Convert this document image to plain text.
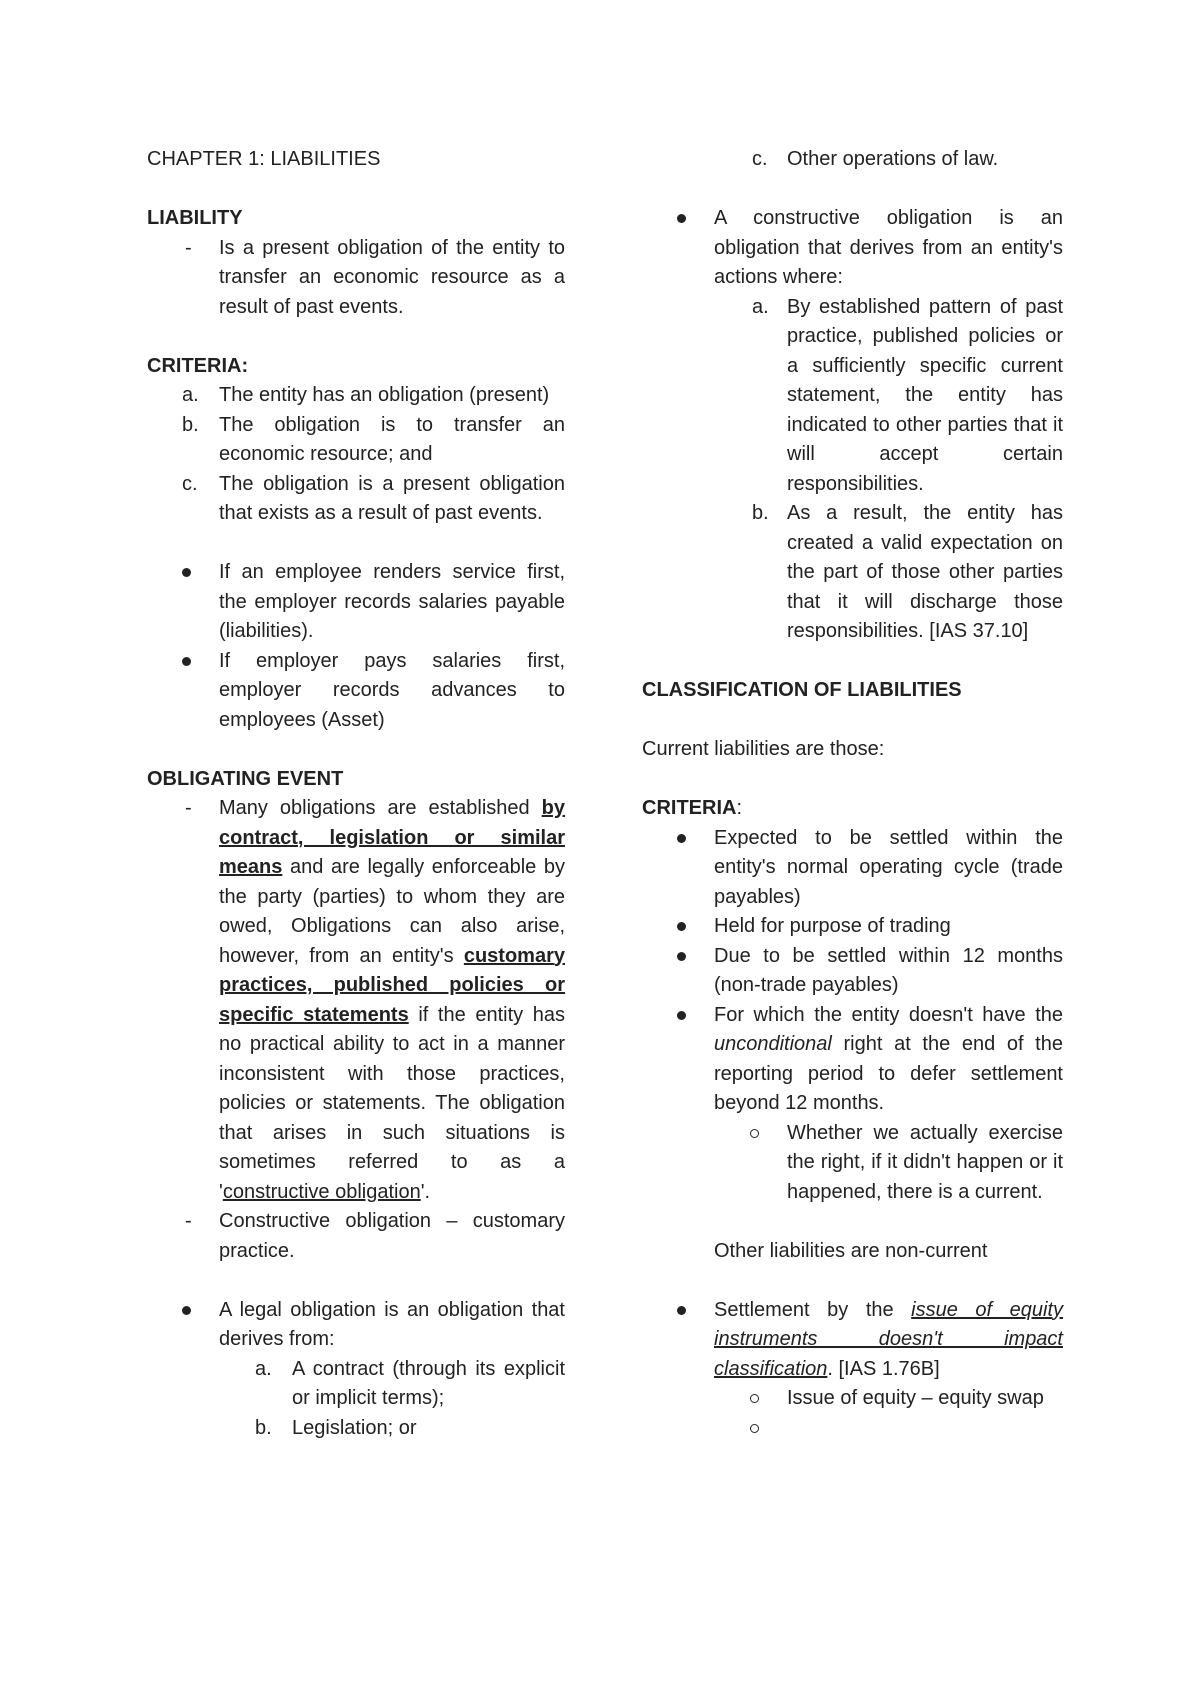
CHAPTER 1: LIABILITIES

LIABILITY

- Is a present obligation of the entity to transfer an economic resource as a result of past events.

CRITERIA:

a. The entity has an obligation (present)
b. The obligation is to transfer an economic resource; and
c. The obligation is a present obligation that exists as a result of past events.
If an employee renders service first, the employer records salaries payable (liabilities).
If employer pays salaries first, employer records advances to employees (Asset)

OBLIGATING EVENT

- Many obligations are established by contract, legislation or similar means and are legally enforceable by the party (parties) to whom they are owed, Obligations can also arise, however, from an entity's customary practices, published policies or specific statements if the entity has no practical ability to act in a manner inconsistent with those practices, policies or statements. The obligation that arises in such situations is sometimes referred to as a 'constructive obligation'.
- Constructive obligation – customary practice.
A legal obligation is an obligation that derives from:
a. A contract (through its explicit or implicit terms);
b. Legislation; or
c. Other operations of law.
A constructive obligation is an obligation that derives from an entity's actions where:
a. By established pattern of past practice, published policies or a sufficiently specific current statement, the entity has indicated to other parties that it will accept certain responsibilities.
b. As a result, the entity has created a valid expectation on the part of those other parties that it will discharge those responsibilities. [IAS 37.10]

CLASSIFICATION OF LIABILITIES

Current liabilities are those:

CRITERIA:

Expected to be settled within the entity's normal operating cycle (trade payables)
Held for purpose of trading
Due to be settled within 12 months (non-trade payables)
For which the entity doesn't have the unconditional right at the end of the reporting period to defer settlement beyond 12 months.
Whether we actually exercise the right, if it didn't happen or it happened, there is a current.
Other liabilities are non-current
Settlement by the issue of equity instruments doesn't impact classification. [IAS 1.76B]
Issue of equity – equity swap
